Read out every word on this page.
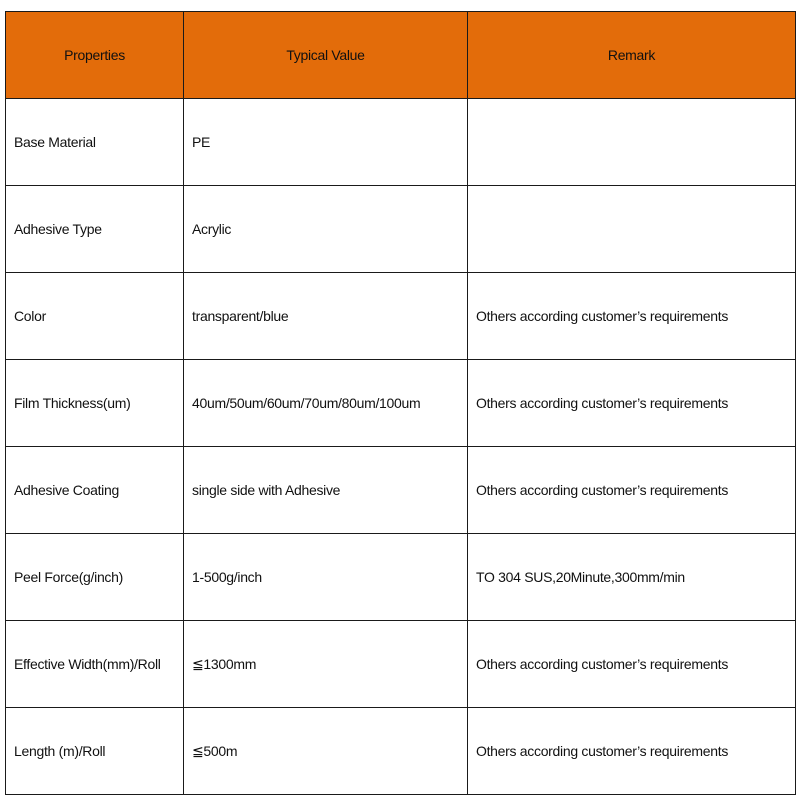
Properties	Typical Value	Remark
Base Material	PE	
Adhesive Type	Acrylic	
Color	transparent/blue	Others according customer’s requirements
Film Thickness(um)	40um/50um/60um/70um/80um/100um	Others according customer’s requirements
Adhesive Coating	single side with Adhesive	Others according customer’s requirements
Peel Force(g/inch)	1-500g/inch	TO 304 SUS,20Minute,300mm/min
Effective Width(mm)/Roll	≦1300mm	Others according customer’s requirements
Length (m)/Roll	≦500m	Others according customer’s requirements
